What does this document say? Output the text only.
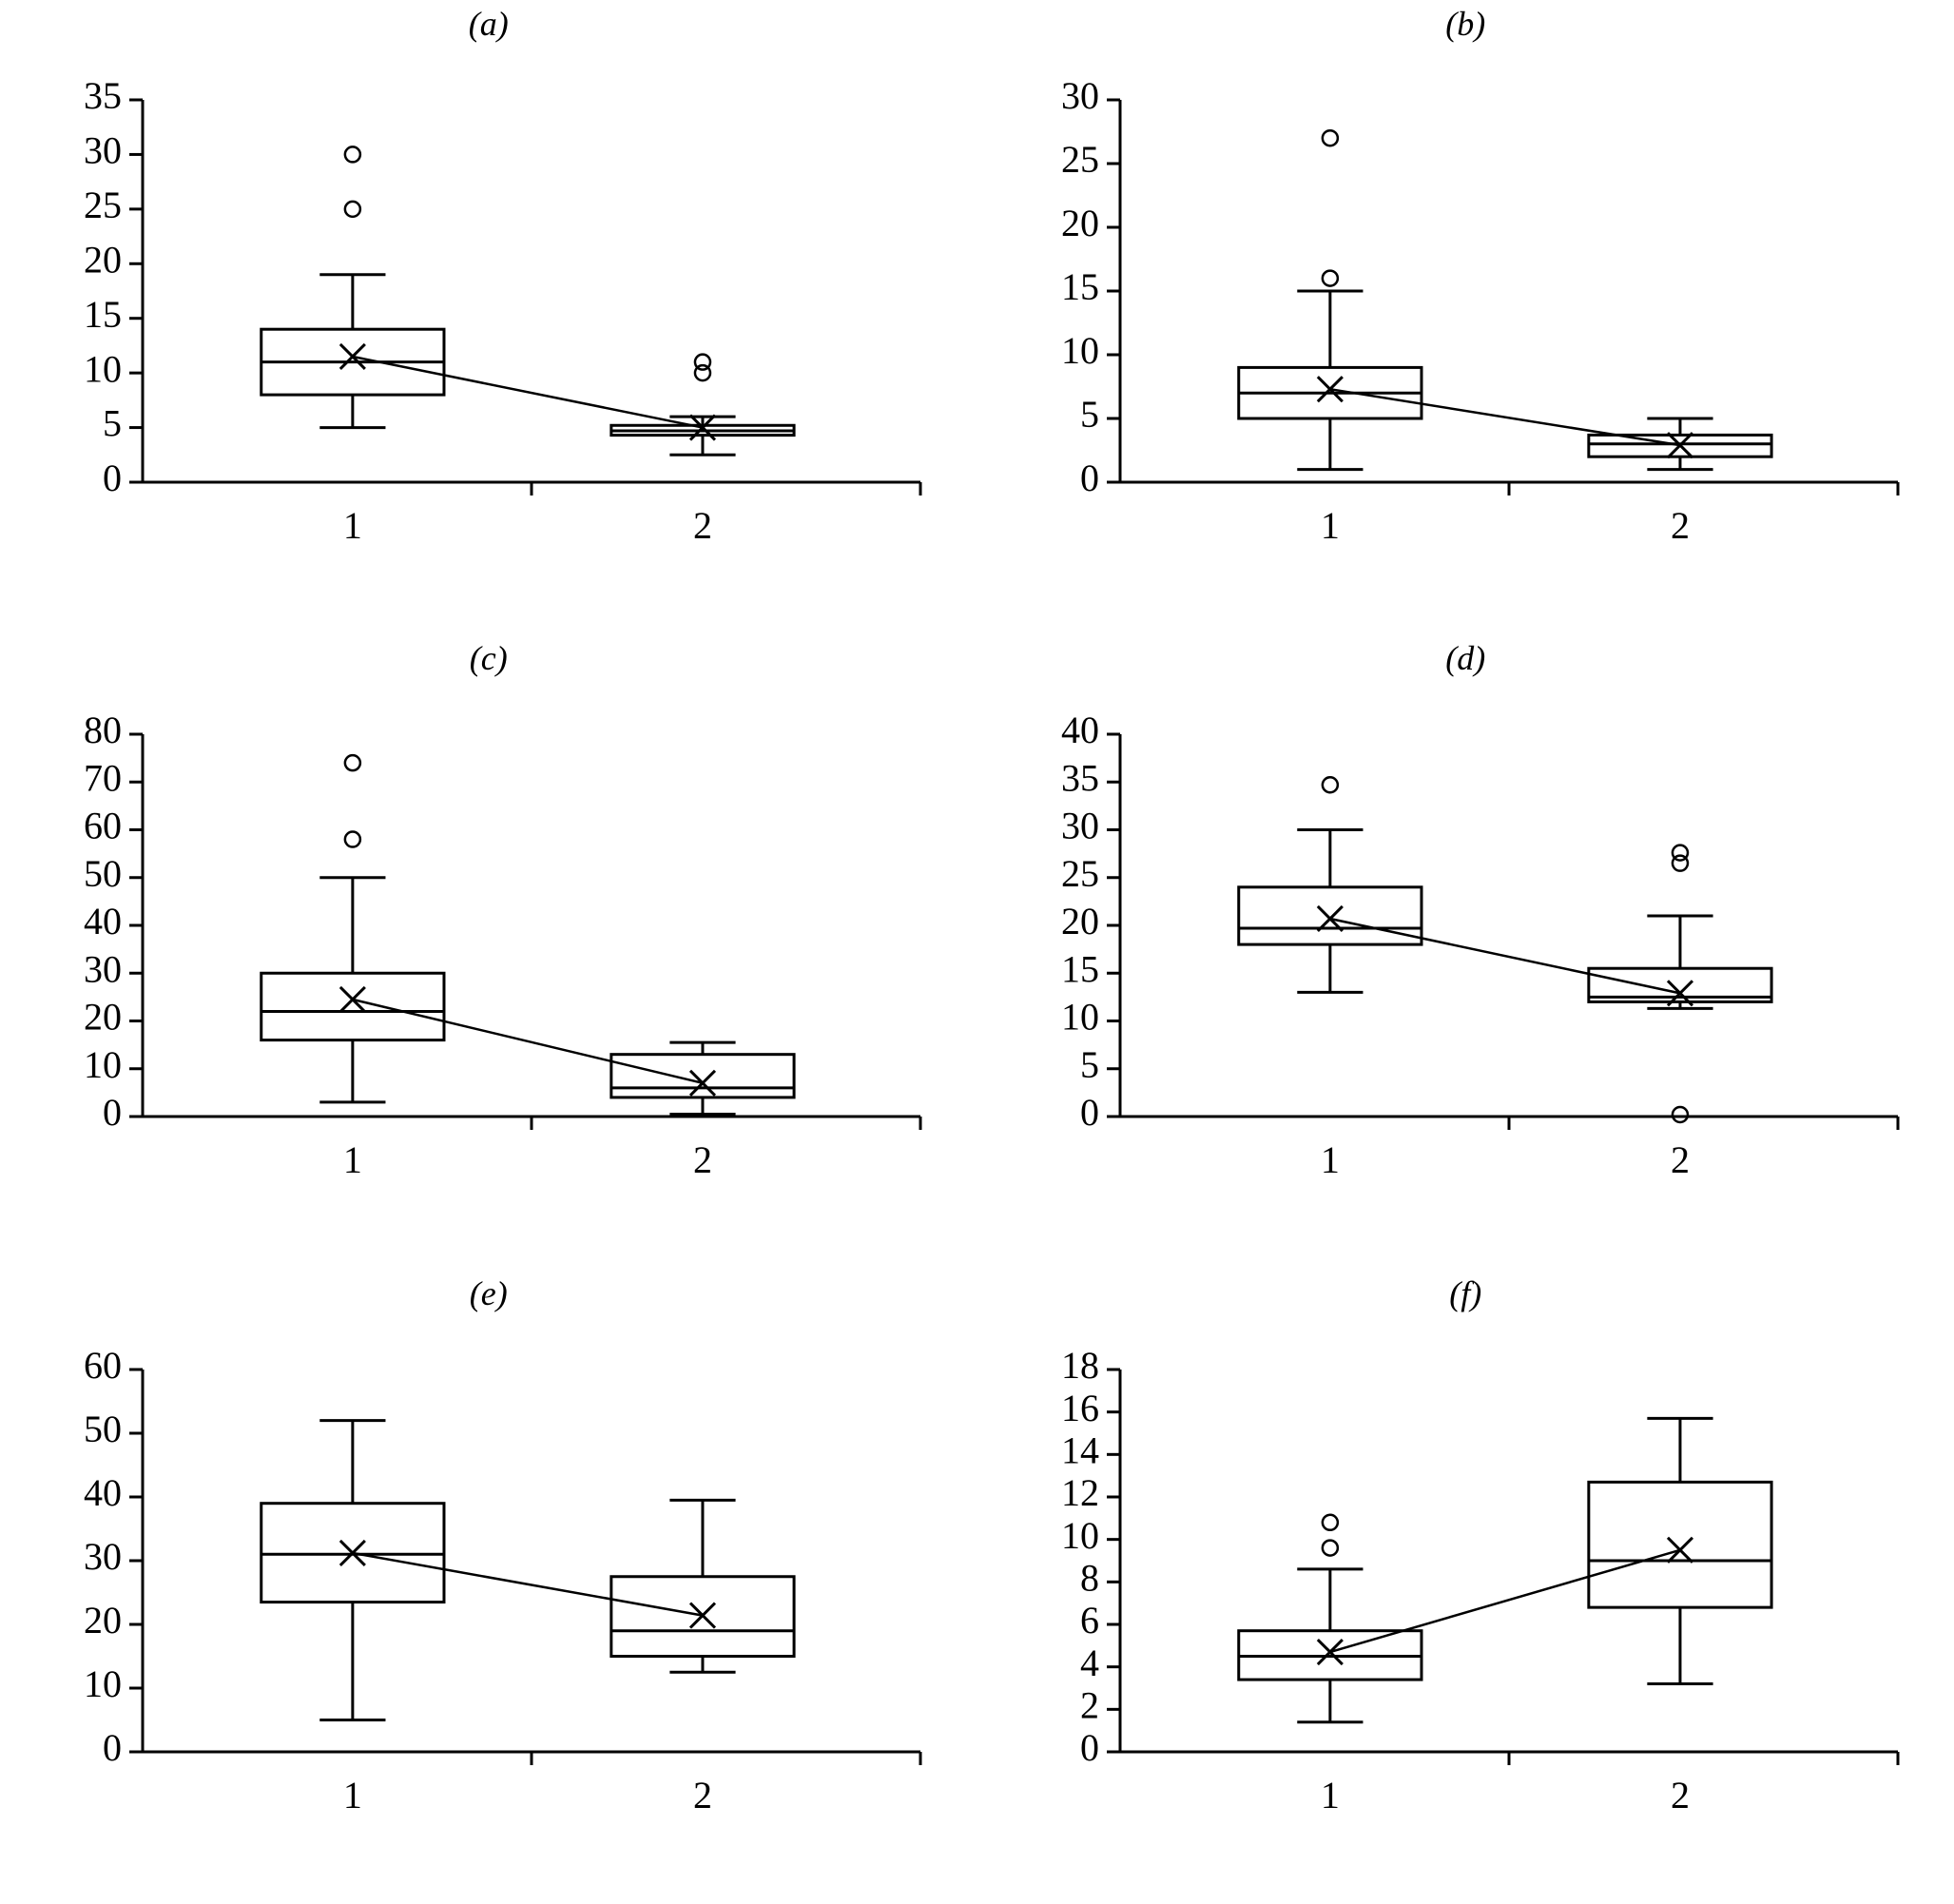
(a)
0
5
10
15
20
25
30
35
1	2
(b)
0
5
10
15
20
25
30
1	2
(c)
0
10
20
30
40
50
60
70
80
1	2
(d)
0
5
10
15
20
25
30
35
40
1	2
(e)
0
10
20
30
40
50
60
1	2
(f)
0
2
4
6
8
10
12
14
16
18
1	2
